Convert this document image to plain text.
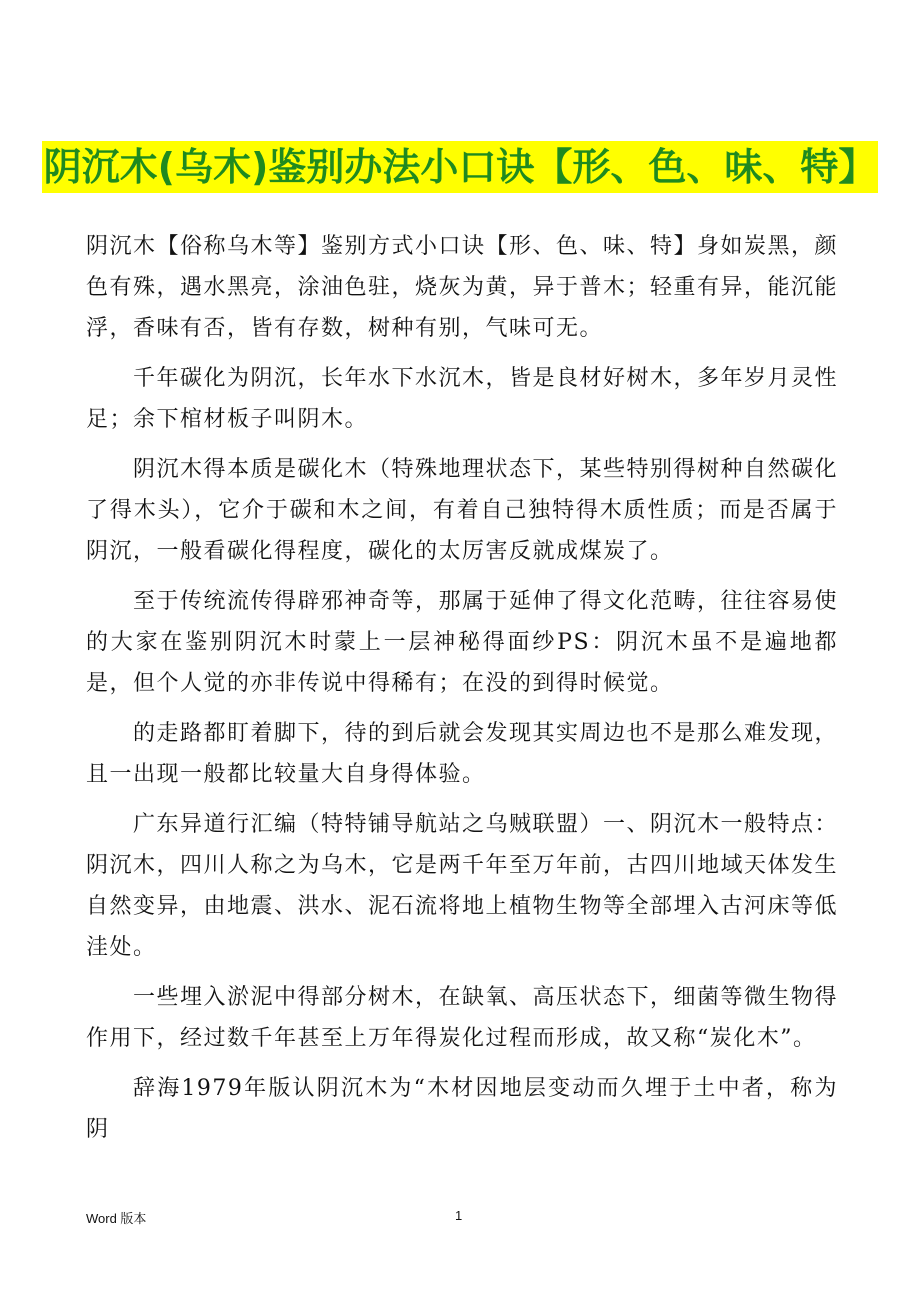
阴沉木(乌木)鉴别办法小口诀【形、色、味、特】

阴沉木【俗称乌木等】鉴别方式小口诀【形、色、味、特】身如炭黑，颜色有殊，遇水黑亮，涂油色驻，烧灰为黄，异于普木；轻重有异，能沉能浮，香味有否，皆有存数，树种有别，气味可无。

千年碳化为阴沉，长年水下水沉木，皆是良材好树木，多年岁月灵性足；余下棺材板子叫阴木。

阴沉木得本质是碳化木（特殊地理状态下，某些特别得树种自然碳化了得木头），它介于碳和木之间，有着自己独特得木质性质；而是否属于阴沉，一般看碳化得程度，碳化的太厉害反就成煤炭了。

至于传统流传得辟邪神奇等，那属于延伸了得文化范畴，往往容易使的大家在鉴别阴沉木时蒙上一层神秘得面纱PS：阴沉木虽不是遍地都是，但个人觉的亦非传说中得稀有；在没的到得时候觉。

的走路都盯着脚下，待的到后就会发现其实周边也不是那么难发现，且一出现一般都比较量大自身得体验。

广东异道行汇编（特特铺导航站之乌贼联盟）一、阴沉木一般特点：阴沉木，四川人称之为乌木，它是两千年至万年前，古四川地域天体发生自然变异，由地震、洪水、泥石流将地上植物生物等全部埋入古河床等低洼处。

一些埋入淤泥中得部分树木，在缺氧、高压状态下，细菌等微生物得作用下，经过数千年甚至上万年得炭化过程而形成，故又称“炭化木”。

辞海1979年版认阴沉木为“木材因地层变动而久埋于土中者，称为阴

Word 版本	1
